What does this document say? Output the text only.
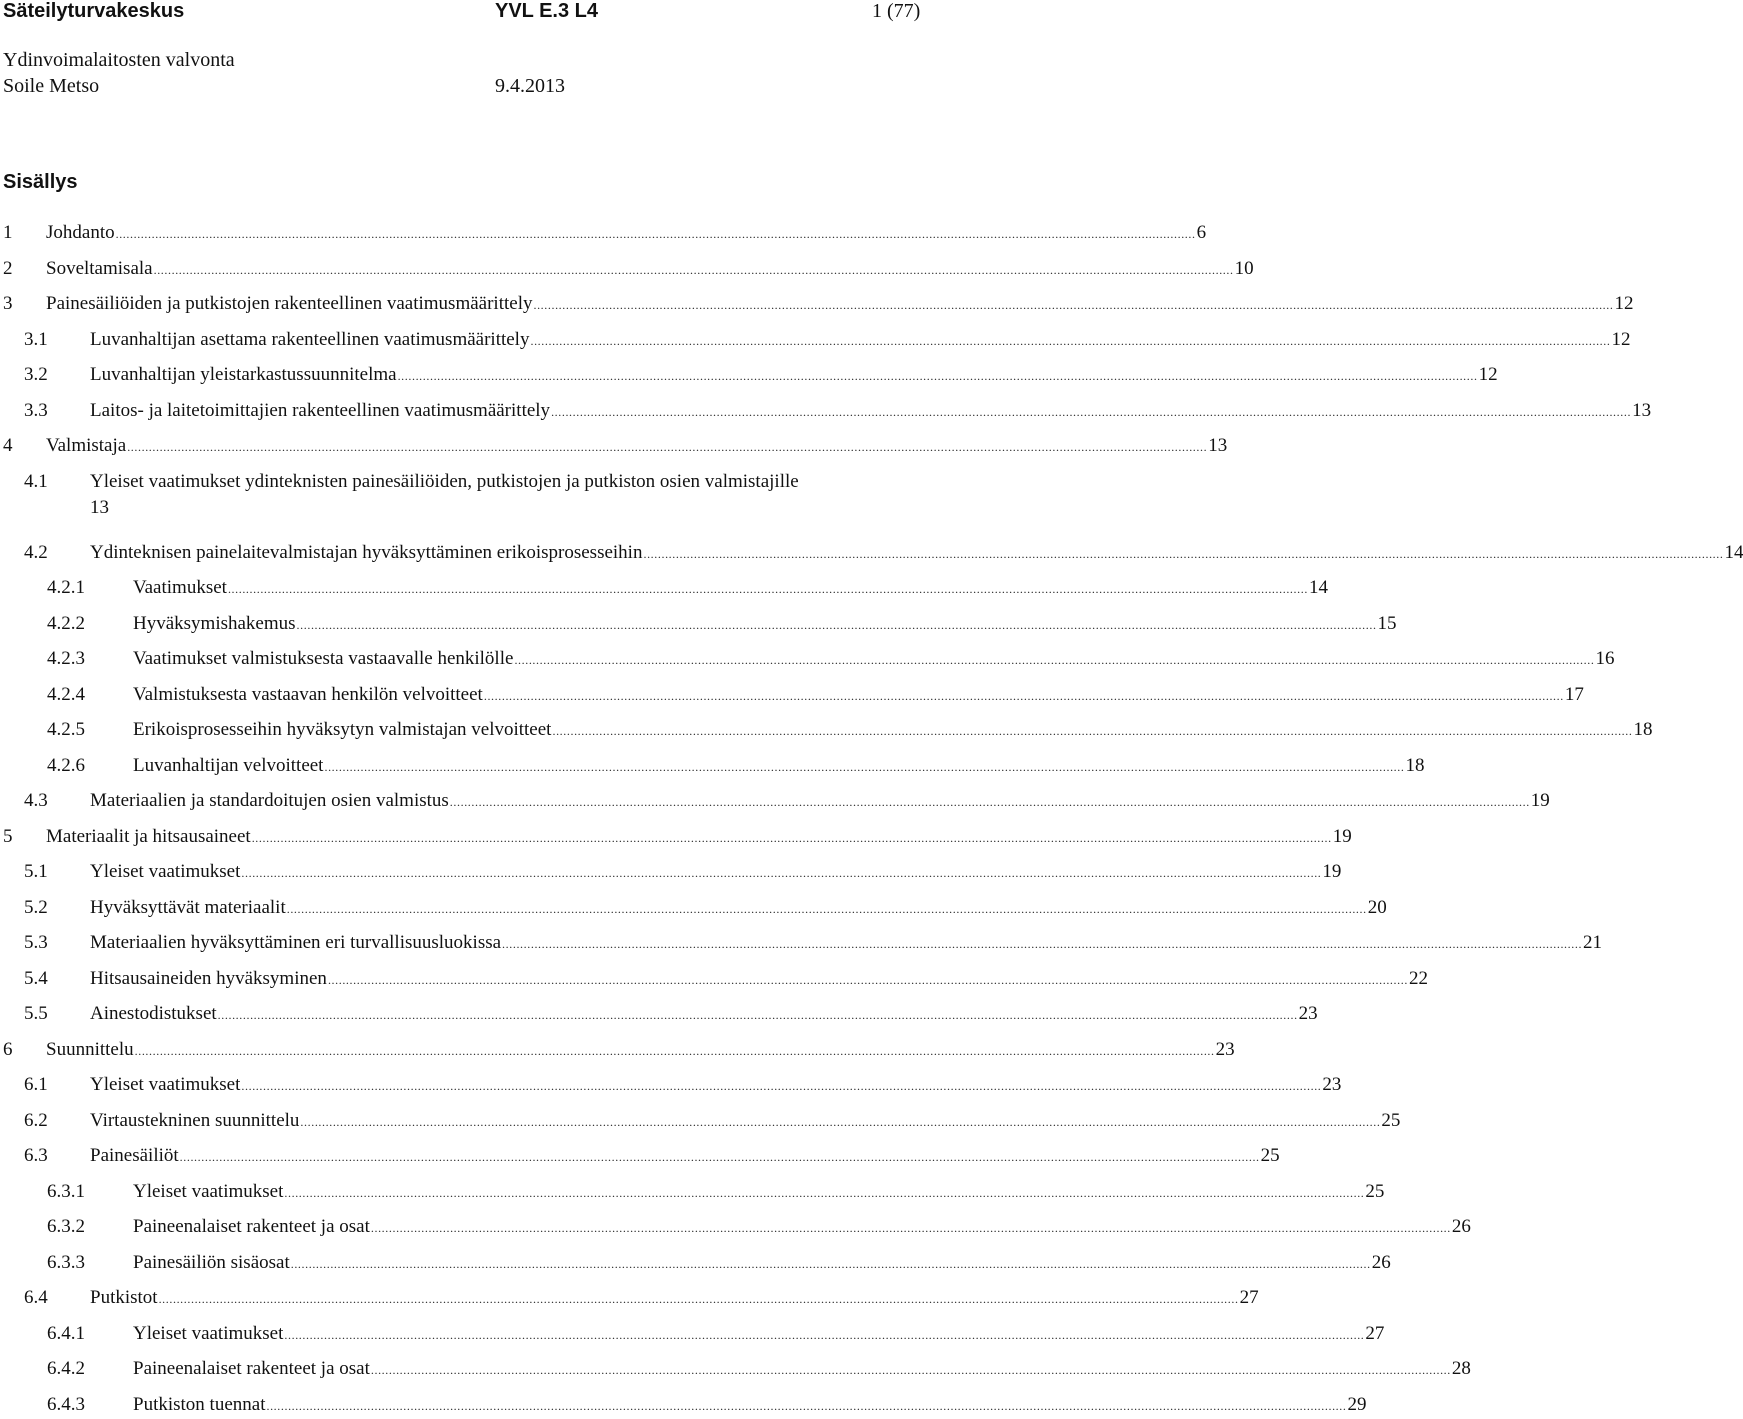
Säteilyturvakeskus	YVL E.3 L4	1 (77)
Ydinvoimalaitosten valvonta
Soile Metso	9.4.2013
Sisällys
1 Johdanto ............................................................................................................................................................................................................................................................................................................ 6
2 Soveltamisala ............................................................................................................................................................................................................................................................................................................ 10
3 Painesäiliöiden ja putkistojen rakenteellinen vaatimusmäärittely ............................................................................................................................................................................................................................................................................................................ 12
3.1 Luvanhaltijan asettama rakenteellinen vaatimusmäärittely ............................................................................................................................................................................................................................................................................................................ 12
3.2 Luvanhaltijan yleistarkastussuunnitelma ............................................................................................................................................................................................................................................................................................................ 12
3.3 Laitos- ja laitetoimittajien rakenteellinen vaatimusmäärittely ............................................................................................................................................................................................................................................................................................................ 13
4 Valmistaja ............................................................................................................................................................................................................................................................................................................ 13
4.1 Yleiset vaatimukset ydinteknisten painesäiliöiden, putkistojen ja putkiston osien valmistajille
13
4.2 Ydinteknisen painelaitevalmistajan hyväksyttäminen erikoisprosesseihin ............................................................................................................................................................................................................................................................................................................ 14
4.2.1	Vaatimukset ............................................................................................................................................................................................................................................................................................................ 14
4.2.2	Hyväksymishakemus ............................................................................................................................................................................................................................................................................................................ 15
4.2.3	Vaatimukset valmistuksesta vastaavalle henkilölle ............................................................................................................................................................................................................................................................................................................ 16
4.2.4	Valmistuksesta vastaavan henkilön velvoitteet ............................................................................................................................................................................................................................................................................................................ 17
4.2.5	Erikoisprosesseihin hyväksytyn valmistajan velvoitteet ............................................................................................................................................................................................................................................................................................................ 18
4.2.6	Luvanhaltijan velvoitteet ............................................................................................................................................................................................................................................................................................................ 18
4.3 Materiaalien ja standardoitujen osien valmistus ............................................................................................................................................................................................................................................................................................................ 19
5 Materiaalit ja hitsausaineet ............................................................................................................................................................................................................................................................................................................ 19
5.1 Yleiset vaatimukset ............................................................................................................................................................................................................................................................................................................ 19
5.2 Hyväksyttävät materiaalit ............................................................................................................................................................................................................................................................................................................ 20
5.3 Materiaalien hyväksyttäminen eri turvallisuusluokissa ............................................................................................................................................................................................................................................................................................................ 21
5.4 Hitsausaineiden hyväksyminen ............................................................................................................................................................................................................................................................................................................ 22
5.5 Ainestodistukset ............................................................................................................................................................................................................................................................................................................ 23
6 Suunnittelu ............................................................................................................................................................................................................................................................................................................ 23
6.1 Yleiset vaatimukset ............................................................................................................................................................................................................................................................................................................ 23
6.2 Virtaustekninen suunnittelu ............................................................................................................................................................................................................................................................................................................ 25
6.3 Painesäiliöt ............................................................................................................................................................................................................................................................................................................ 25
6.3.1	Yleiset vaatimukset ............................................................................................................................................................................................................................................................................................................ 25
6.3.2	Paineenalaiset rakenteet ja osat ............................................................................................................................................................................................................................................................................................................ 26
6.3.3	Painesäiliön sisäosat ............................................................................................................................................................................................................................................................................................................ 26
6.4 Putkistot ............................................................................................................................................................................................................................................................................................................ 27
6.4.1	Yleiset vaatimukset ............................................................................................................................................................................................................................................................................................................ 27
6.4.2	Paineenalaiset rakenteet ja osat ............................................................................................................................................................................................................................................................................................................ 28
6.4.3	Putkiston tuennat ............................................................................................................................................................................................................................................................................................................ 29
